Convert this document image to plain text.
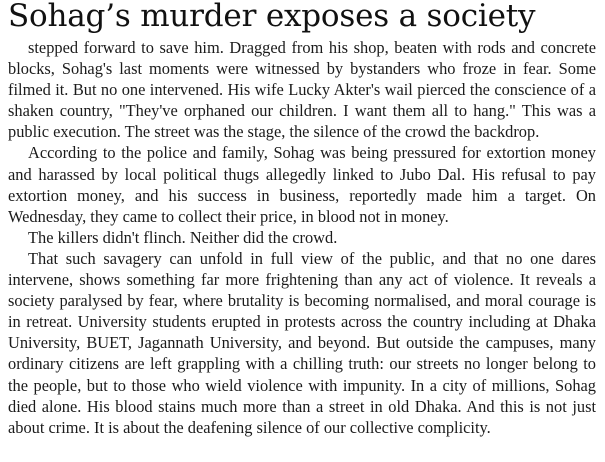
Sohag’s murder exposes a society

stepped forward to save him. Dragged from his shop, beaten with rods and concrete blocks, Sohag's last moments were witnessed by bystanders who froze in fear. Some filmed it. But no one intervened. His wife Lucky Akter's wail pierced the conscience of a shaken country, "They've orphaned our children. I want them all to hang." This was a public execution. The street was the stage, the silence of the crowd the backdrop.

According to the police and family, Sohag was being pressured for extortion money and harassed by local political thugs allegedly linked to Jubo Dal. His refusal to pay extortion money, and his success in business, reportedly made him a target. On Wednesday, they came to collect their price, in blood not in money.

The killers didn't flinch. Neither did the crowd.

That such savagery can unfold in full view of the public, and that no one dares intervene, shows something far more frightening than any act of violence. It reveals a society paralysed by fear, where brutality is becoming normalised, and moral courage is in retreat. University students erupted in protests across the country including at Dhaka University, BUET, Jagannath University, and beyond. But outside the campuses, many ordinary citizens are left grappling with a chilling truth: our streets no longer belong to the people, but to those who wield violence with impunity. In a city of millions, Sohag died alone. His blood stains much more than a street in old Dhaka. And this is not just about crime. It is about the deafening silence of our collective complicity.
